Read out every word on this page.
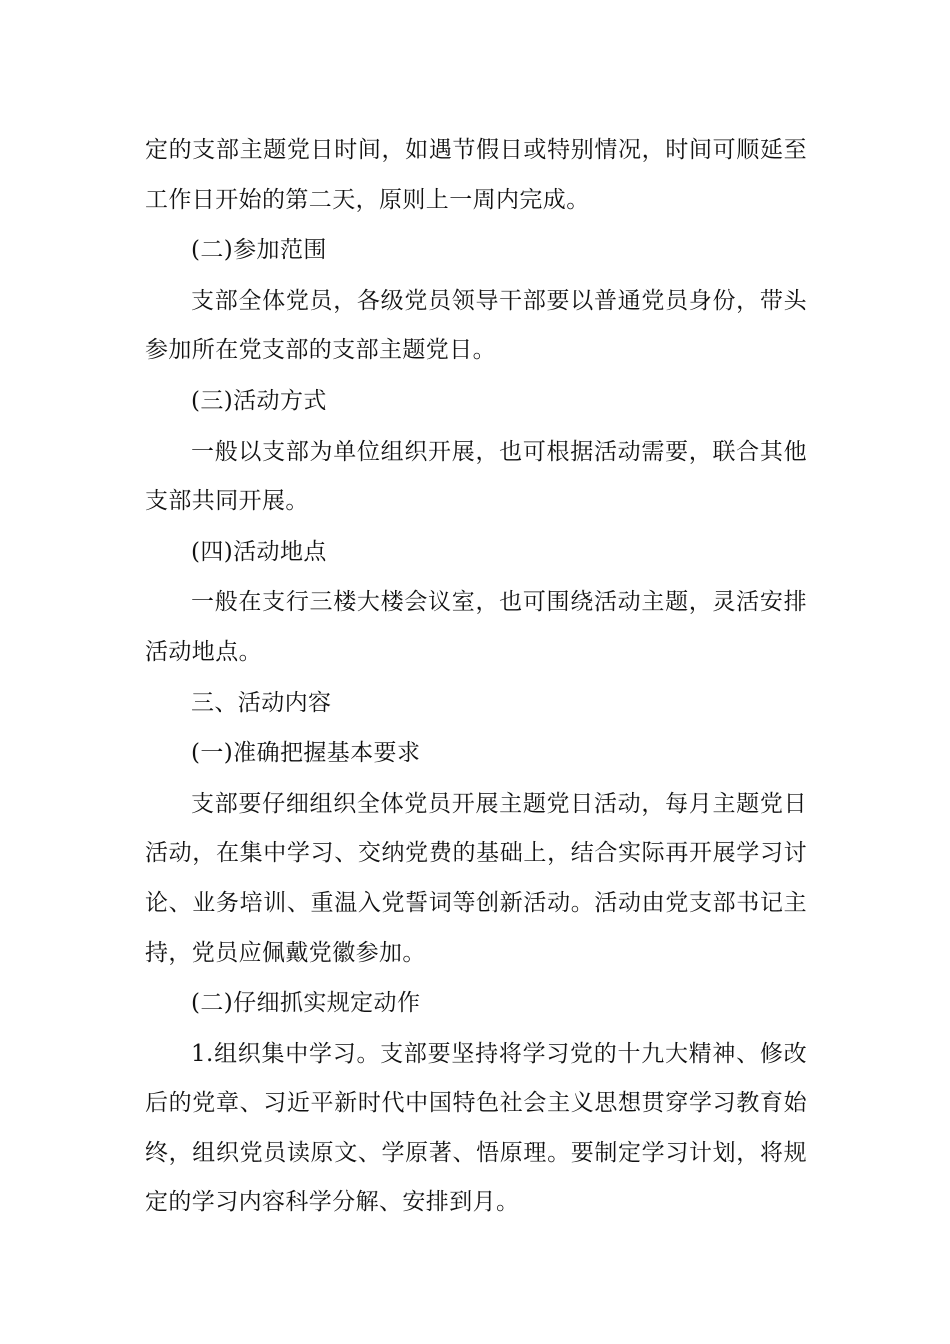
定的支部主题党日时间，如遇节假日或特别情况，时间可顺延至工作日开始的第二天，原则上一周内完成。

(二)参加范围

支部全体党员，各级党员领导干部要以普通党员身份，带头参加所在党支部的支部主题党日。

(三)活动方式

一般以支部为单位组织开展，也可根据活动需要，联合其他支部共同开展。

(四)活动地点

一般在支行三楼大楼会议室，也可围绕活动主题，灵活安排活动地点。

三、活动内容

(一)准确把握基本要求

支部要仔细组织全体党员开展主题党日活动，每月主题党日活动，在集中学习、交纳党费的基础上，结合实际再开展学习讨论、业务培训、重温入党誓词等创新活动。活动由党支部书记主持，党员应佩戴党徽参加。

(二)仔细抓实规定动作

1.组织集中学习。支部要坚持将学习党的十九大精神、修改后的党章、习近平新时代中国特色社会主义思想贯穿学习教育始终，组织党员读原文、学原著、悟原理。要制定学习计划，将规定的学习内容科学分解、安排到月。
